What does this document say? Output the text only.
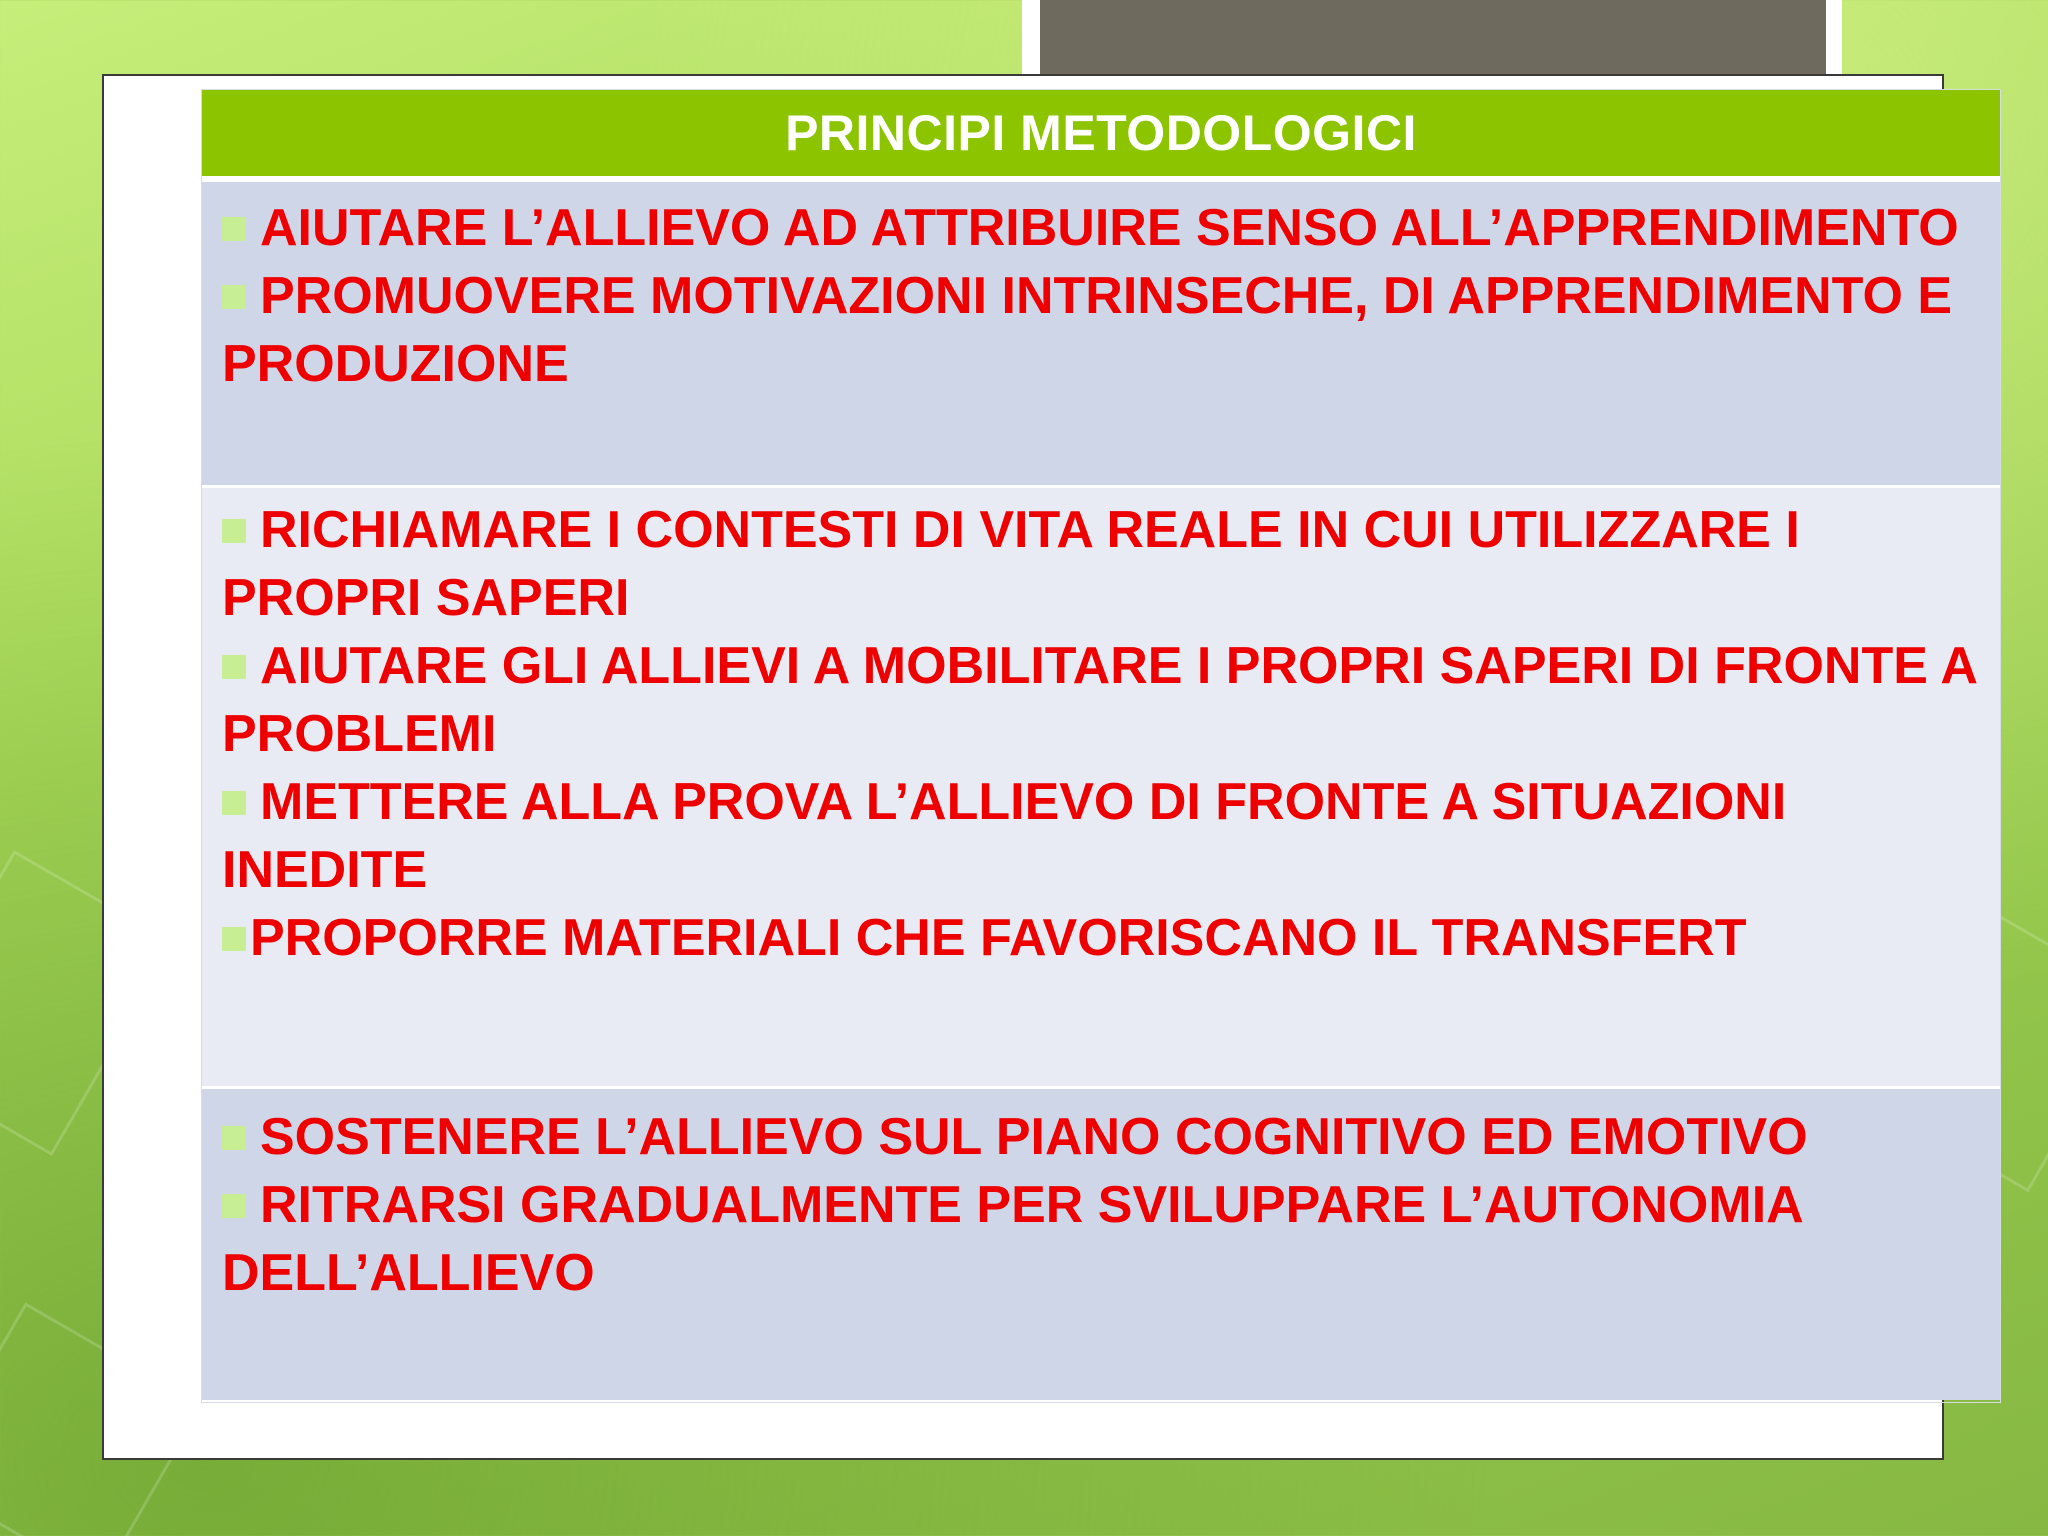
PRINCIPI METODOLOGICI

AIUTARE L’ALLIEVO AD ATTRIBUIRE SENSO ALL’APPRENDIMENTO

PROMUOVERE MOTIVAZIONI INTRINSECHE, DI APPRENDIMENTO E PRODUZIONE

RICHIAMARE I CONTESTI DI VITA REALE IN CUI UTILIZZARE I PROPRI SAPERI

AIUTARE GLI ALLIEVI A MOBILITARE I PROPRI SAPERI DI FRONTE A PROBLEMI

METTERE ALLA PROVA L’ALLIEVO DI FRONTE A SITUAZIONI INEDITE

PROPORRE MATERIALI CHE FAVORISCANO IL TRANSFERT

SOSTENERE L’ALLIEVO SUL PIANO COGNITIVO ED EMOTIVO

RITRARSI GRADUALMENTE PER SVILUPPARE L’AUTONOMIA DELL’ALLIEVO
